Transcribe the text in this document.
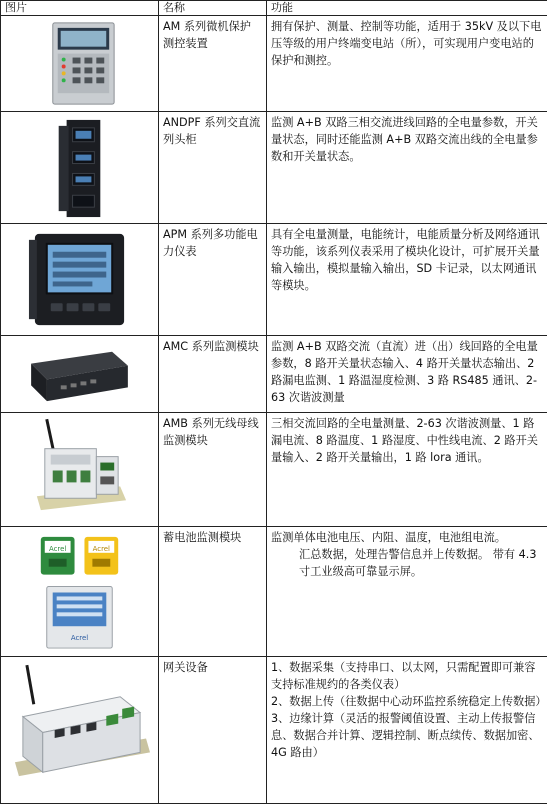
图片	名称	功能

	AM 系列微机保护测控装置	拥有保护、测量、控制等功能，适用于 35kV 及以下电压等级的用户终端变电站（所），可实现用户变电站的保护和测控。

	ANDPF 系列交直流列头柜	监测 A+B 双路三相交流进线回路的全电量参数，开关量状态，同时还能监测 A+B 双路交流出线的全电量参数和开关量状态。

	APM 系列多功能电力仪表	具有全电量测量，电能统计，电能质量分析及网络通讯等功能，该系列仪表采用了模块化设计，可扩展开关量输入输出，模拟量输入输出，SD 卡记录，以太网通讯等模块。

	AMC 系列监测模块	监测 A+B 双路交流（直流）进（出）线回路的全电量参数，8 路开关量状态输入、4 路开关量状态输出、2 路漏电监测、1 路温湿度检测、3 路 RS485 通讯、2-63 次谐波测量

	AMB 系列无线母线监测模块	三相交流回路的全电量测量、2-63 次谐波测量、1 路漏电流、8 路温度、1 路湿度、中性线电流、2 路开关量输入、2 路开关量输出，1 路 lora 通讯。

Acrel Acrel
Acrel	蓄电池监测模块	监测单体电池电压、内阻、温度，电池组电流。
汇总数据，处理告警信息并上传数据。 带有 4.3 寸工业级高可靠显示屏。

	网关设备	1、数据采集（支持串口、以太网，只需配置即可兼容支持标准规约的各类仪表）
2、数据上传（往数据中心动环监控系统稳定上传数据）
3、边缘计算（灵活的报警阈值设置、主动上传报警信息、数据合并计算、逻辑控制、断点续传、数据加密、4G 路由）
